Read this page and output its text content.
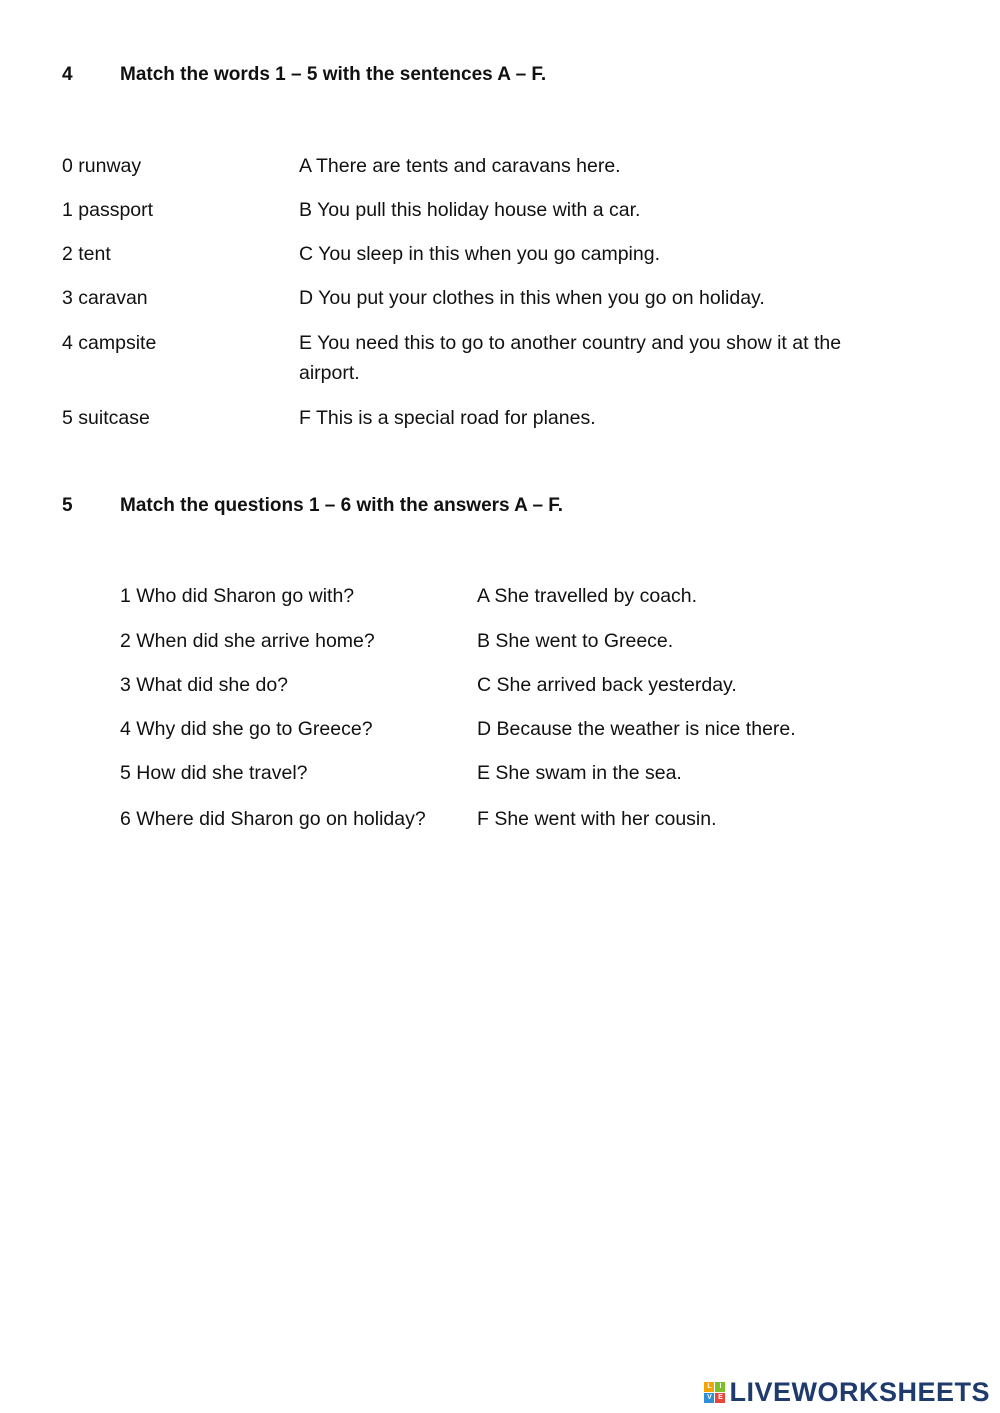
4 Match the words 1 – 5 with the sentences A – F.
0 runway
1 passport
2 tent
3 caravan
4 campsite
5 suitcase
A There are tents and caravans here.
B You pull this holiday house with a car.
C You sleep in this when you go camping.
D You put your clothes in this when you go on holiday.
E You need this to go to another country and you show it at the airport.
F This is a special road for planes.
5 Match the questions 1 – 6 with the answers A – F.
1 Who did Sharon go with?
2 When did she arrive home?
3 What did she do?
4 Why did she go to Greece?
5 How did she travel?
6 Where did Sharon go on holiday?
A She travelled by coach.
B She went to Greece.
C She arrived back yesterday.
D Because the weather is nice there.
E She swam in the sea.
F She went with her cousin.
L	I
V E LIVEWORKSHEETS
